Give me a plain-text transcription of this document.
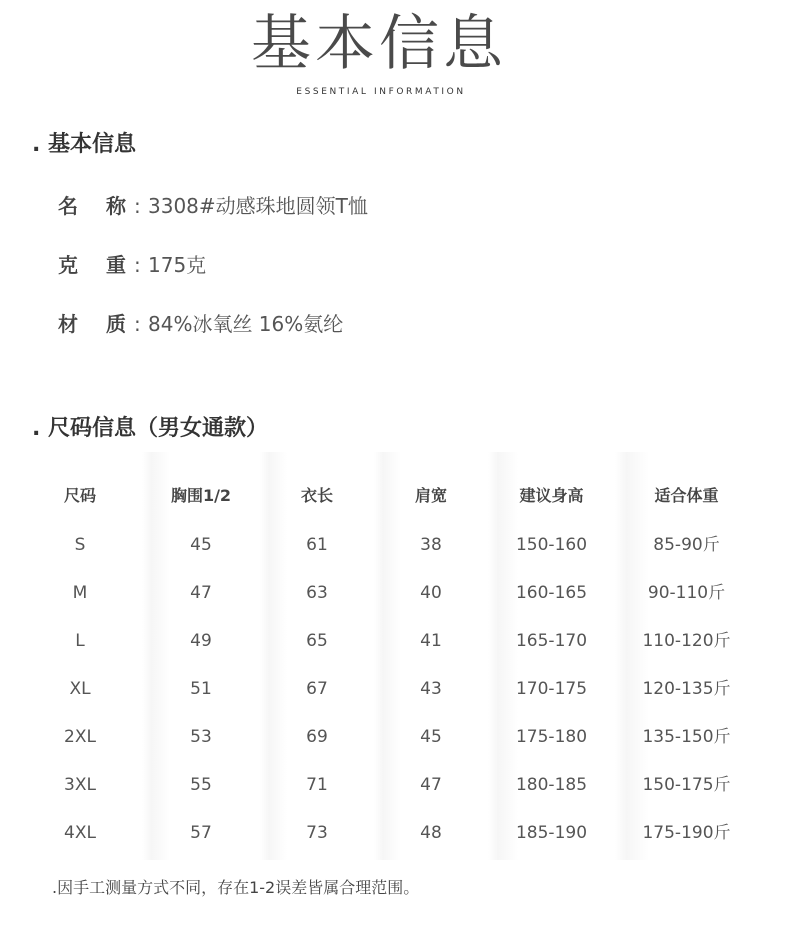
基本信息
ESSENTIAL INFORMATION
. 基本信息
名 称 : 3308#动感珠地圆领T恤
克 重 : 175克
材 质 : 84%冰氧丝 16%氨纶
. 尺码信息（男女通款）
尺码
S
M
L
XL
2XL
3XL
4XL
胸围1/2
45
47
49
51
53
55
57
衣长
61
63
65
67
69
71
73
肩宽
38
40
41
43
45
47
48
建议身高
150-160
160-165
165-170
170-175
175-180
180-185
185-190
适合体重
85-90斤
90-110斤
110-120斤
120-135斤
135-150斤
150-175斤
175-190斤
.因手工测量方式不同，存在1-2误差皆属合理范围。
